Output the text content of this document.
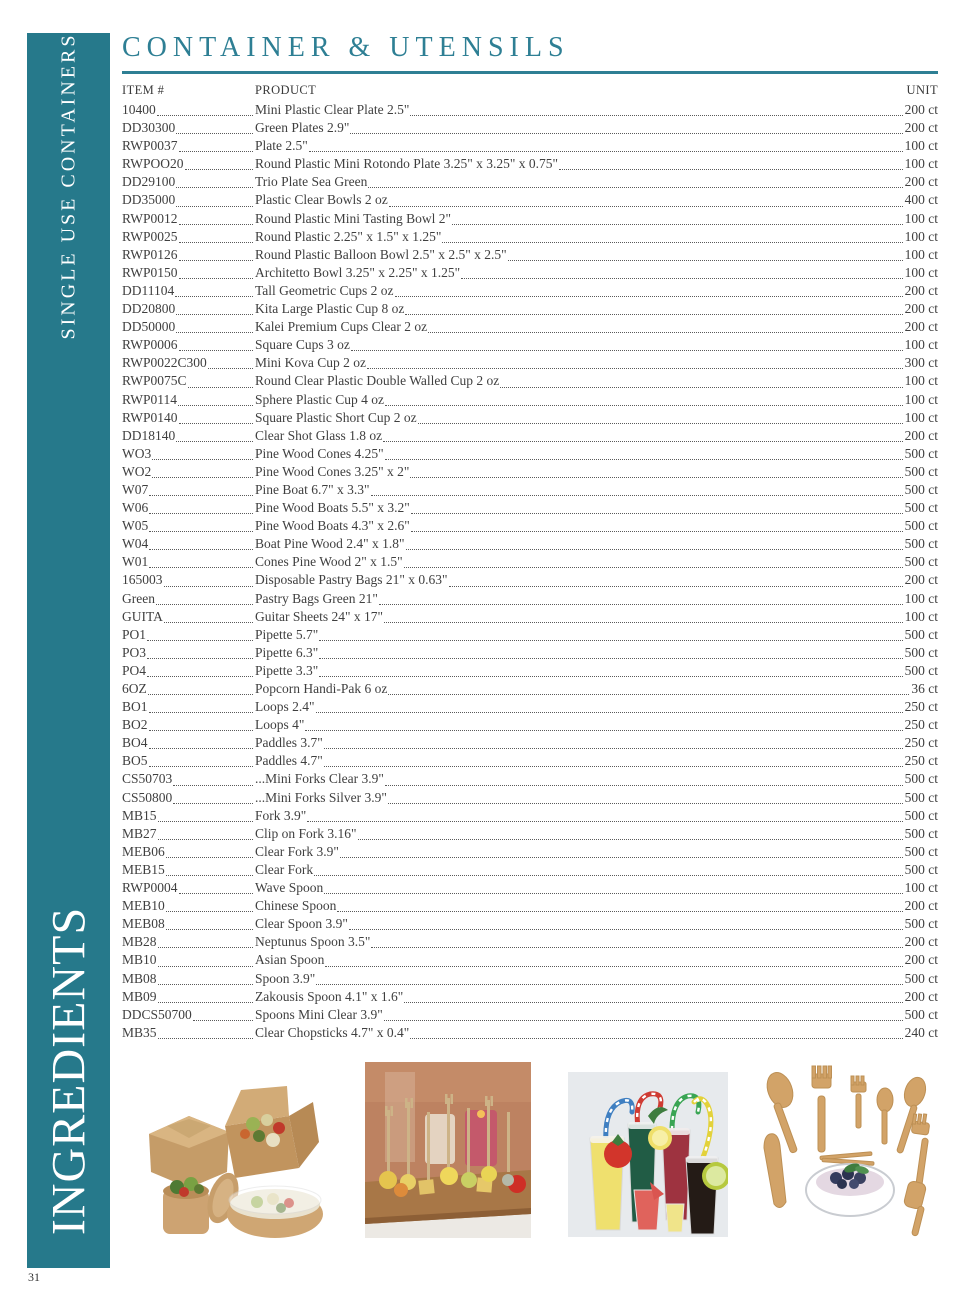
SINGLE USE CONTAINERS
INGREDIENTS
31
CONTAINER & UTENSILS
ITEM #	PRODUCT	UNIT
10400	Mini Plastic Clear Plate 2.5"	200 ct
DD30300	Green Plates 2.9"	200 ct
RWP0037	Plate 2.5"	100 ct
RWPOO20	Round Plastic Mini Rotondo Plate 3.25" x 3.25" x 0.75"	100 ct
DD29100	Trio Plate Sea Green	200 ct
DD35000	Plastic Clear Bowls 2 oz	400 ct
RWP0012	Round Plastic Mini Tasting Bowl 2"	100 ct
RWP0025	Round Plastic 2.25" x 1.5" x 1.25"	100 ct
RWP0126	Round Plastic Balloon Bowl 2.5" x 2.5" x 2.5"	100 ct
RWP0150	Architetto Bowl 3.25" x 2.25" x 1.25"	100 ct
DD11104	Tall Geometric Cups 2 oz	200 ct
DD20800	Kita Large Plastic Cup 8 oz	200 ct
DD50000	Kalei Premium Cups Clear 2 oz	200 ct
RWP0006	Square Cups 3 oz	100 ct
RWP0022C300	Mini Kova Cup 2 oz	300 ct
RWP0075C	Round Clear Plastic Double Walled Cup 2 oz	100 ct
RWP0114	Sphere Plastic Cup 4 oz	100 ct
RWP0140	Square Plastic Short Cup 2 oz	100 ct
DD18140	Clear Shot Glass 1.8 oz	200 ct
WO3	Pine Wood Cones 4.25"	500 ct
WO2	Pine Wood Cones 3.25" x 2"	500 ct
W07	Pine Boat 6.7" x 3.3"	500 ct
W06	Pine Wood Boats 5.5" x 3.2"	500 ct
W05	Pine Wood Boats 4.3" x 2.6"	500 ct
W04	Boat Pine Wood 2.4" x 1.8"	500 ct
W01	Cones Pine Wood 2" x 1.5"	500 ct
165003	Disposable Pastry Bags 21" x 0.63"	200 ct
Green	Pastry Bags Green 21"	100 ct
GUITA	Guitar Sheets 24" x 17"	100 ct
PO1	Pipette 5.7"	500 ct
PO3	Pipette 6.3"	500 ct
PO4	Pipette 3.3"	500 ct
6OZ	Popcorn Handi-Pak 6 oz	36 ct
BO1	Loops 2.4"	250 ct
BO2	Loops 4"	250 ct
BO4	Paddles 3.7"	250 ct
BO5	Paddles 4.7"	250 ct
CS50703	...Mini Forks Clear 3.9"	500 ct
CS50800	...Mini Forks Silver 3.9"	500 ct
MB15	Fork 3.9"	500 ct
MB27	Clip on Fork 3.16"	500 ct
MEB06	Clear Fork 3.9"	500 ct
MEB15	Clear Fork	500 ct
RWP0004	Wave Spoon	100 ct
MEB10	Chinese Spoon	200 ct
MEB08	Clear Spoon 3.9"	500 ct
MB28	Neptunus Spoon 3.5"	200 ct
MB10	Asian Spoon	200 ct
MB08	Spoon 3.9"	500 ct
MB09	Zakousis Spoon 4.1" x 1.6"	200 ct
DDCS50700	Spoons Mini Clear 3.9"	500 ct
MB35	Clear Chopsticks 4.7" x 0.4"	240 ct
